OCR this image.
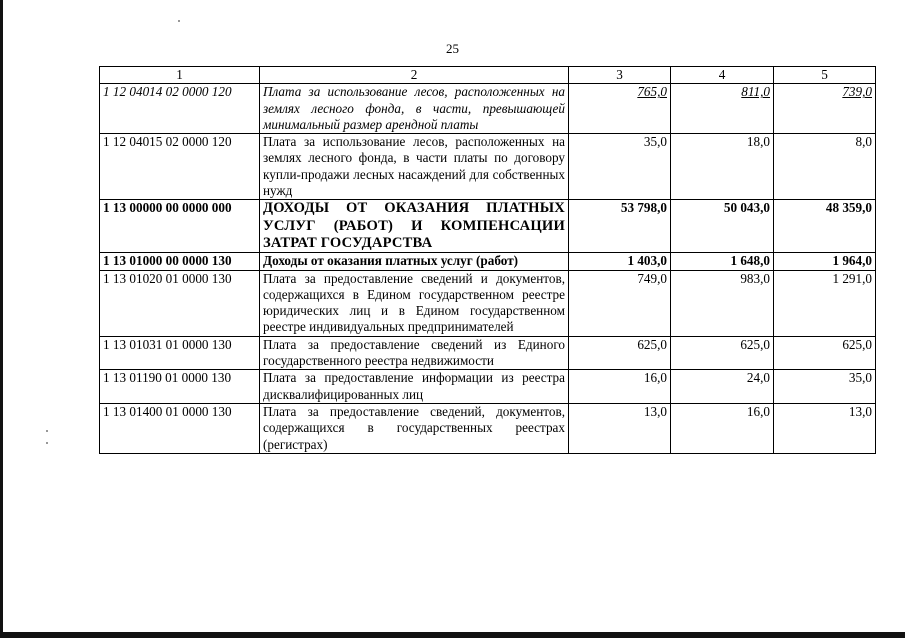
25
1	2	3	4	5
1 12 04014 02 0000 120	Плата за использование лесов, расположенных на землях лесного фонда, в части, превышающей минимальный размер арендной платы	765,0	811,0	739,0
1 12 04015 02 0000 120	Плата за использование лесов, расположенных на землях лесного фонда, в части платы по договору купли-продажи лесных насаждений для собственных нужд	35,0	18,0	8,0
1 13 00000 00 0000 000	ДОХОДЫ ОТ ОКАЗАНИЯ ПЛАТНЫХ УСЛУГ (РАБОТ) И КОМПЕНСАЦИИ ЗАТРАТ ГОСУДАРСТВА	53 798,0	50 043,0	48 359,0
1 13 01000 00 0000 130	Доходы от оказания платных услуг (работ)	1 403,0	1 648,0	1 964,0
1 13 01020 01 0000 130	Плата за предоставление сведений и документов, содержащихся в Едином государственном реестре юридических лиц и в Едином государственном реестре индивидуальных предпринимателей	749,0	983,0	1 291,0
1 13 01031 01 0000 130	Плата за предоставление сведений из Единого государственного реестра недвижимости	625,0	625,0	625,0
1 13 01190 01 0000 130	Плата за предоставление информации из реестра дисквалифицированных лиц	16,0	24,0	35,0
1 13 01400 01 0000 130	Плата за предоставление сведений, документов, содержащихся в государственных реестрах (регистрах)	13,0	16,0	13,0
